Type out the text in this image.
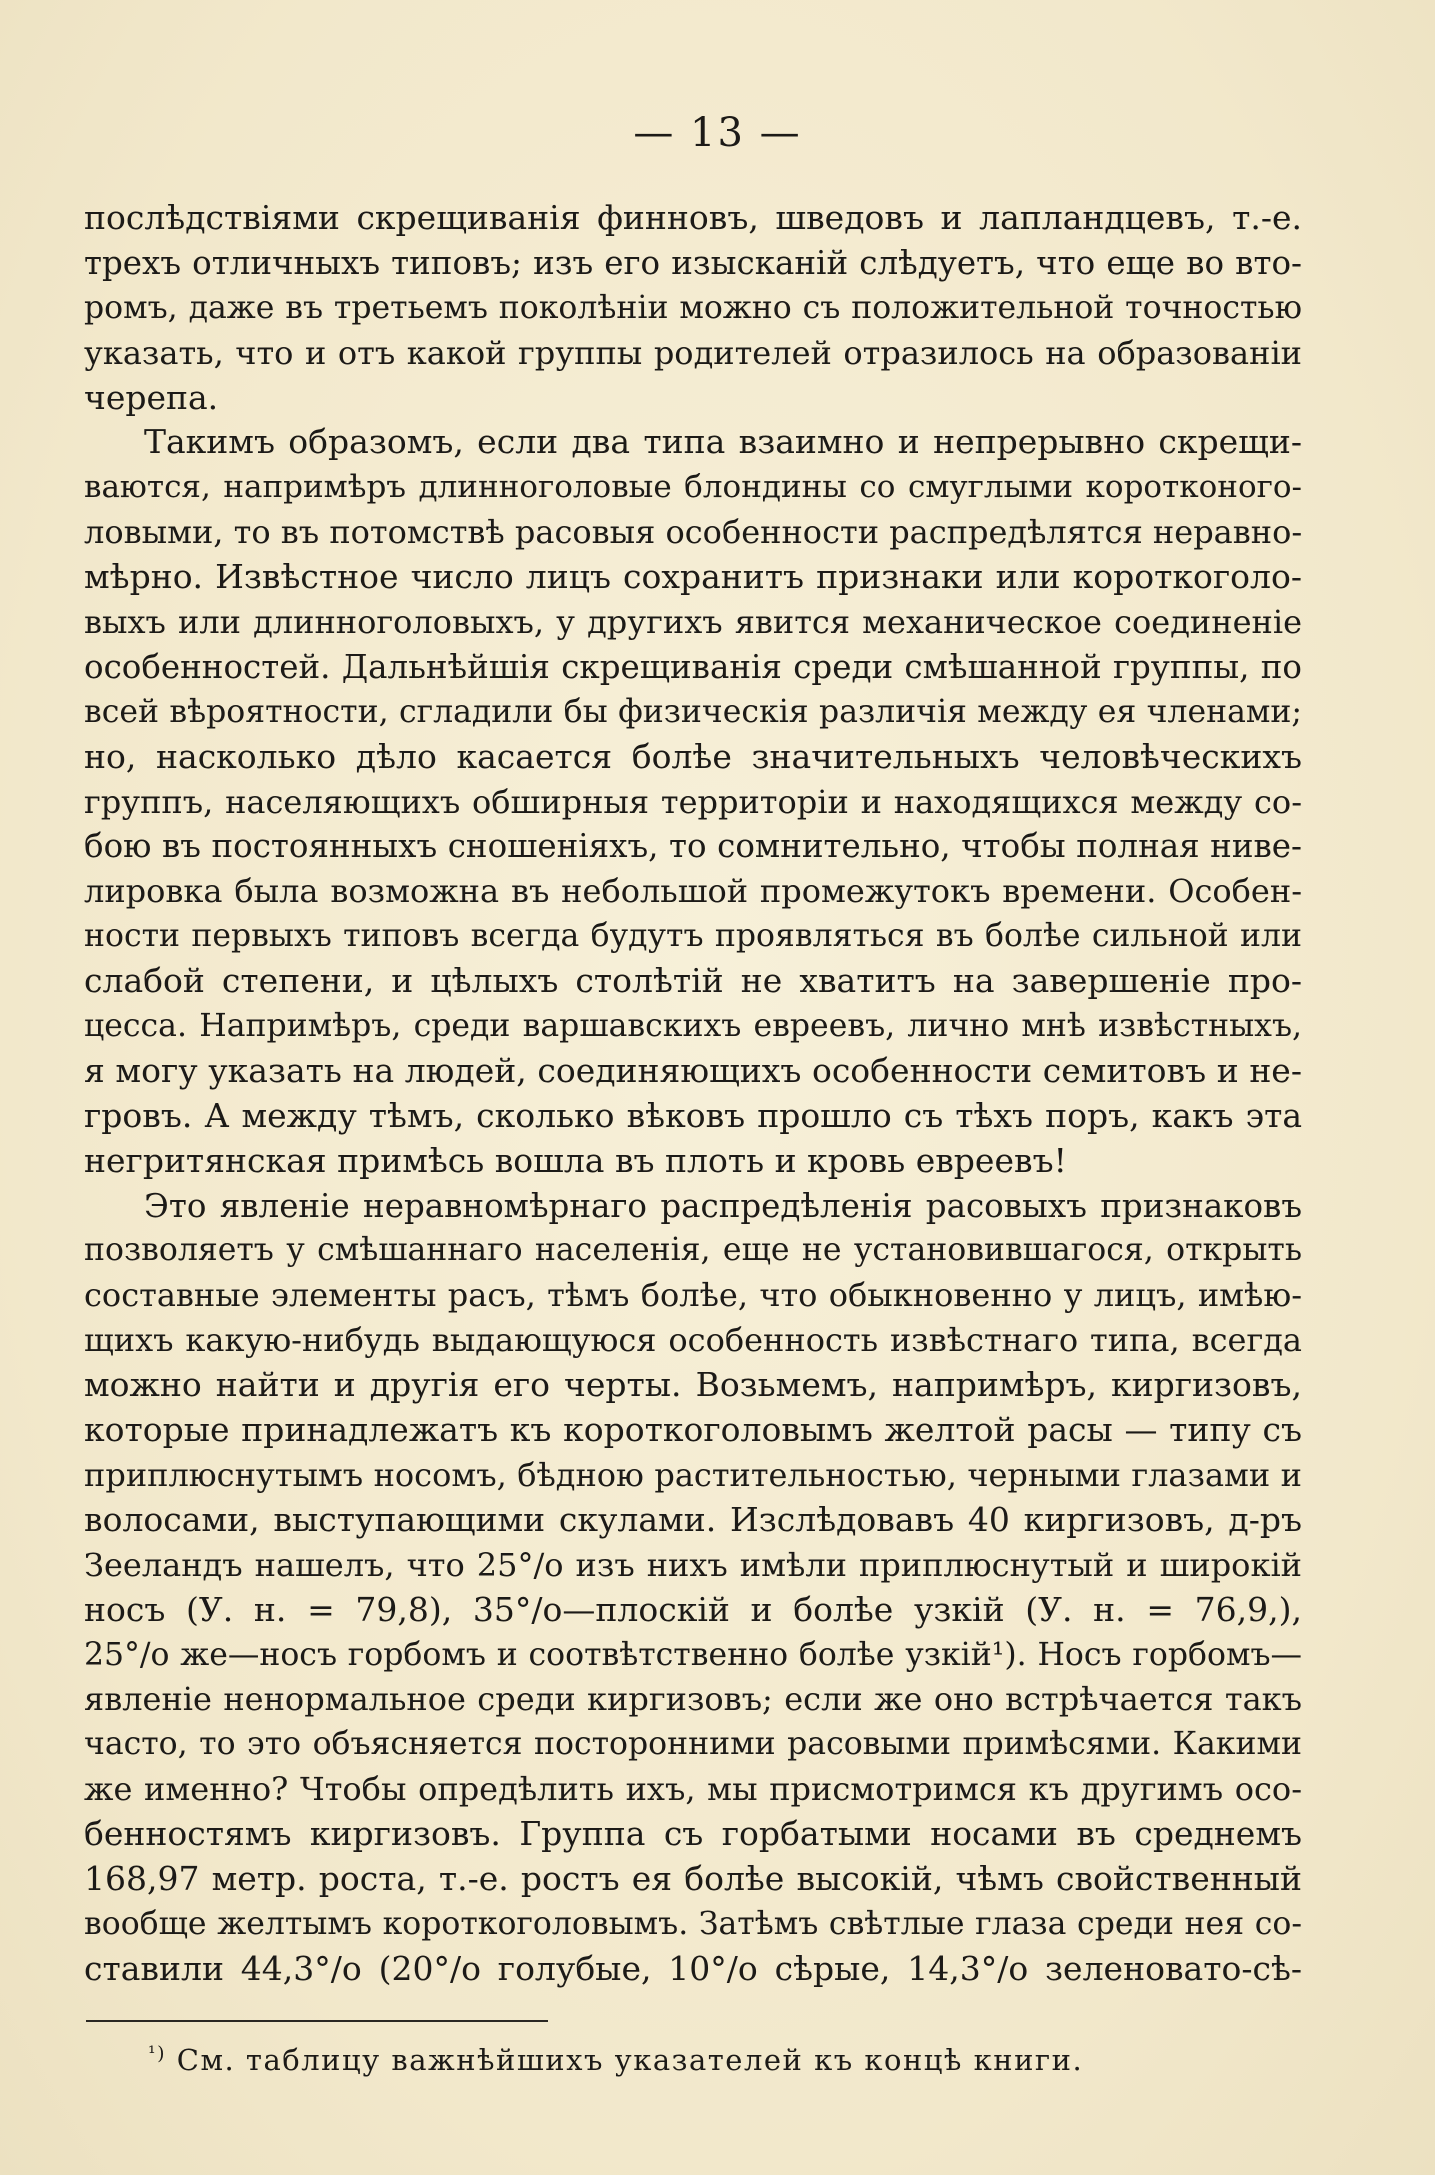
— 13 —
послѣдствіями скрещиванія финновъ, шведовъ и лапландцевъ, т.-е.
трехъ отличныхъ типовъ; изъ его изысканій слѣдуетъ, что еще во вто-
ромъ, даже въ третьемъ поколѣніи можно съ положительной точностью
указать, что и отъ какой группы родителей отразилось на образованіи
черепа.
Такимъ образомъ, если два типа взаимно и непрерывно скрещи-
ваются, напримѣръ длинноголовые блондины со смуглыми коротконого-
ловыми, то въ потомствѣ расовыя особенности распредѣлятся неравно-
мѣрно. Извѣстное число лицъ сохранитъ признаки или короткоголо-
выхъ или длинноголовыхъ, у другихъ явится механическое соединеніе
особенностей. Дальнѣйшія скрещиванія среди смѣшанной группы, по
всей вѣроятности, сгладили бы физическія различія между ея членами;
но, насколько дѣло касается болѣе значительныхъ человѣческихъ
группъ, населяющихъ обширныя территоріи и находящихся между со-
бою въ постоянныхъ сношеніяхъ, то сомнительно, чтобы полная ниве-
лировка была возможна въ небольшой промежутокъ времени. Особен-
ности первыхъ типовъ всегда будутъ проявляться въ болѣе сильной или
слабой степени, и цѣлыхъ столѣтій не хватитъ на завершеніе про-
цесса. Напримѣръ, среди варшавскихъ евреевъ, лично мнѣ извѣстныхъ,
я могу указать на людей, соединяющихъ особенности семитовъ и не-
гровъ. А между тѣмъ, сколько вѣковъ прошло съ тѣхъ поръ, какъ эта
негритянская примѣсь вошла въ плоть и кровь евреевъ!
Это явленіе неравномѣрнаго распредѣленія расовыхъ признаковъ
позволяетъ у смѣшаннаго населенія, еще не установившагося, открыть
составные элементы расъ, тѣмъ болѣе, что обыкновенно у лицъ, имѣю-
щихъ какую-нибудь выдающуюся особенность извѣстнаго типа, всегда
можно найти и другія его черты. Возьмемъ, напримѣръ, киргизовъ,
которые принадлежатъ къ короткоголовымъ желтой расы — типу съ
приплюснутымъ носомъ, бѣдною растительностью, черными глазами и
волосами, выступающими скулами. Изслѣдовавъ 40 киргизовъ, д-ръ
Зееландъ нашелъ, что 25°/о изъ нихъ имѣли приплюснутый и широкій
носъ (У. н. = 79,8), 35°/о—плоскій и болѣе узкій (У. н. = 76,9,),
25°/о же—носъ горбомъ и соотвѣтственно болѣе узкій¹). Носъ горбомъ—
явленіе ненормальное среди киргизовъ; если же оно встрѣчается такъ
часто, то это объясняется посторонними расовыми примѣсями. Какими
же именно? Чтобы опредѣлить ихъ, мы присмотримся къ другимъ осо-
бенностямъ киргизовъ. Группа съ горбатыми носами въ среднемъ
168,97 метр. роста, т.-е. ростъ ея болѣе высокій, чѣмъ свойственный
вообще желтымъ короткоголовымъ. Затѣмъ свѣтлые глаза среди нея со-
ставили 44,3°/о (20°/о голубые, 10°/о сѣрые, 14,3°/о зеленовато-сѣ-
$^{^1)}$ См. таблицу важнѣйшихъ указателей къ концѣ книги.
